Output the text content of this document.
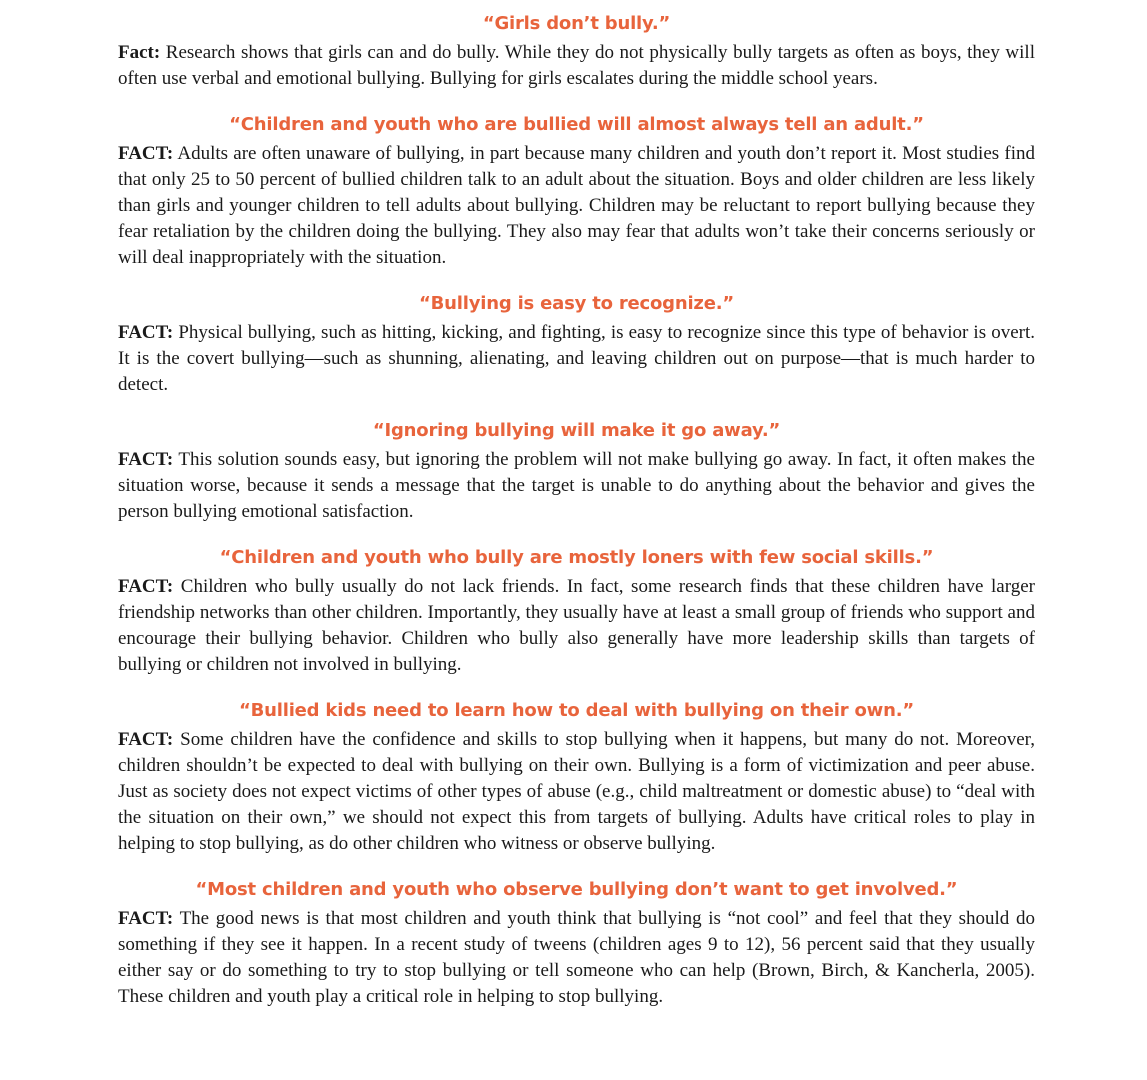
“Girls don’t bully.”

Fact: Research shows that girls can and do bully. While they do not physically bully targets as often as boys, they will often use verbal and emotional bullying. Bullying for girls escalates during the middle school years.

“Children and youth who are bullied will almost always tell an adult.”

FACT: Adults are often unaware of bullying, in part because many children and youth don’t report it. Most studies find that only 25 to 50 percent of bullied children talk to an adult about the situation. Boys and older children are less likely than girls and younger children to tell adults about bullying. Children may be reluctant to report bullying because they fear retaliation by the children doing the bullying. They also may fear that adults won’t take their concerns seriously or will deal inappropriately with the situation.

“Bullying is easy to recognize.”

FACT: Physical bullying, such as hitting, kicking, and fighting, is easy to recognize since this type of behavior is overt. It is the covert bullying—such as shunning, alienating, and leaving children out on purpose—that is much harder to detect.

“Ignoring bullying will make it go away.”

FACT: This solution sounds easy, but ignoring the problem will not make bullying go away. In fact, it often makes the situation worse, because it sends a message that the target is unable to do anything about the behavior and gives the person bullying emotional satisfaction.

“Children and youth who bully are mostly loners with few social skills.”

FACT: Children who bully usually do not lack friends. In fact, some research finds that these children have larger friendship networks than other children. Importantly, they usually have at least a small group of friends who support and encourage their bullying behavior. Children who bully also generally have more leadership skills than targets of bullying or children not involved in bullying.

“Bullied kids need to learn how to deal with bullying on their own.”

FACT: Some children have the confidence and skills to stop bullying when it happens, but many do not. Moreover, children shouldn’t be expected to deal with bullying on their own. Bullying is a form of victimization and peer abuse. Just as society does not expect victims of other types of abuse (e.g., child maltreatment or domestic abuse) to “deal with the situation on their own,” we should not expect this from targets of bullying. Adults have critical roles to play in helping to stop bullying, as do other children who witness or observe bullying.

“Most children and youth who observe bullying don’t want to get involved.”

FACT: The good news is that most children and youth think that bullying is “not cool” and feel that they should do something if they see it happen. In a recent study of tweens (children ages 9 to 12), 56 percent said that they usually either say or do something to try to stop bullying or tell someone who can help (Brown, Birch, & Kancherla, 2005). These children and youth play a critical role in helping to stop bullying.
